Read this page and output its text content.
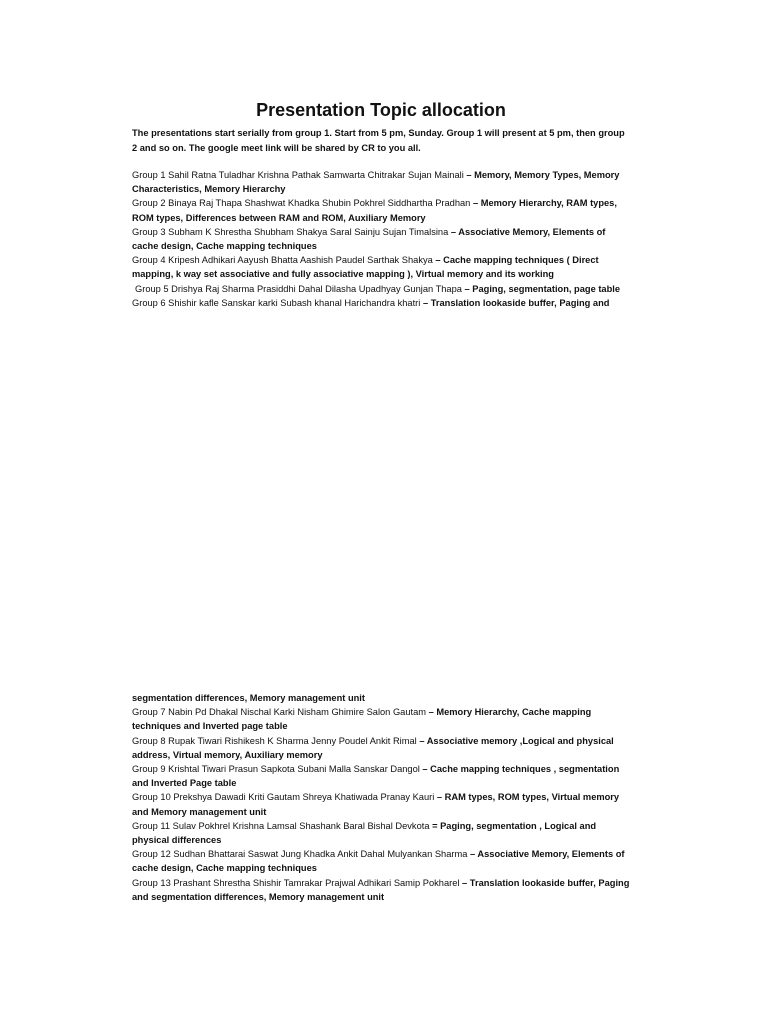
Presentation Topic allocation
The presentations start serially from group 1. Start from 5 pm, Sunday. Group 1 will present at 5 pm, then group 2 and so on. The google meet link will be shared by CR to you all.

Group 1 Sahil Ratna Tuladhar Krishna Pathak Samwarta Chitrakar Sujan Mainali – Memory, Memory Types, Memory Characteristics, Memory Hierarchy

Group 2 Binaya Raj Thapa Shashwat Khadka Shubin Pokhrel Siddhartha Pradhan – Memory Hierarchy, RAM types, ROM types, Differences between RAM and ROM, Auxiliary Memory

Group 3 Subham K Shrestha Shubham Shakya Saral Sainju Sujan Timalsina – Associative Memory, Elements of cache design, Cache mapping techniques

Group 4 Kripesh Adhikari Aayush Bhatta Aashish Paudel Sarthak Shakya – Cache mapping techniques ( Direct mapping, k way set associative and fully associative mapping ), Virtual memory and its working

Group 5 Drishya Raj Sharma Prasiddhi Dahal Dilasha Upadhyay Gunjan Thapa – Paging, segmentation, page table

Group 6 Shishir kafle Sanskar karki Subash khanal Harichandra khatri – Translation lookaside buffer, Paging and

segmentation differences, Memory management unit

Group 7 Nabin Pd Dhakal Nischal Karki Nisham Ghimire Salon Gautam – Memory Hierarchy, Cache mapping techniques and Inverted page table

Group 8 Rupak Tiwari Rishikesh K Sharma Jenny Poudel Ankit Rimal – Associative memory ,Logical and physical address, Virtual memory, Auxiliary memory

Group 9 Krishtal Tiwari Prasun Sapkota Subani Malla Sanskar Dangol – Cache mapping techniques , segmentation and Inverted Page table

Group 10 Prekshya Dawadi Kriti Gautam Shreya Khatiwada Pranay Kauri – RAM types, ROM types, Virtual memory and Memory management unit

Group 11 Sulav Pokhrel Krishna Lamsal Shashank Baral Bishal Devkota = Paging, segmentation , Logical and physical differences

Group 12 Sudhan Bhattarai Saswat Jung Khadka Ankit Dahal Mulyankan Sharma – Associative Memory, Elements of cache design, Cache mapping techniques

Group 13 Prashant Shrestha Shishir Tamrakar Prajwal Adhikari Samip Pokharel – Translation lookaside buffer, Paging and segmentation differences, Memory management unit
